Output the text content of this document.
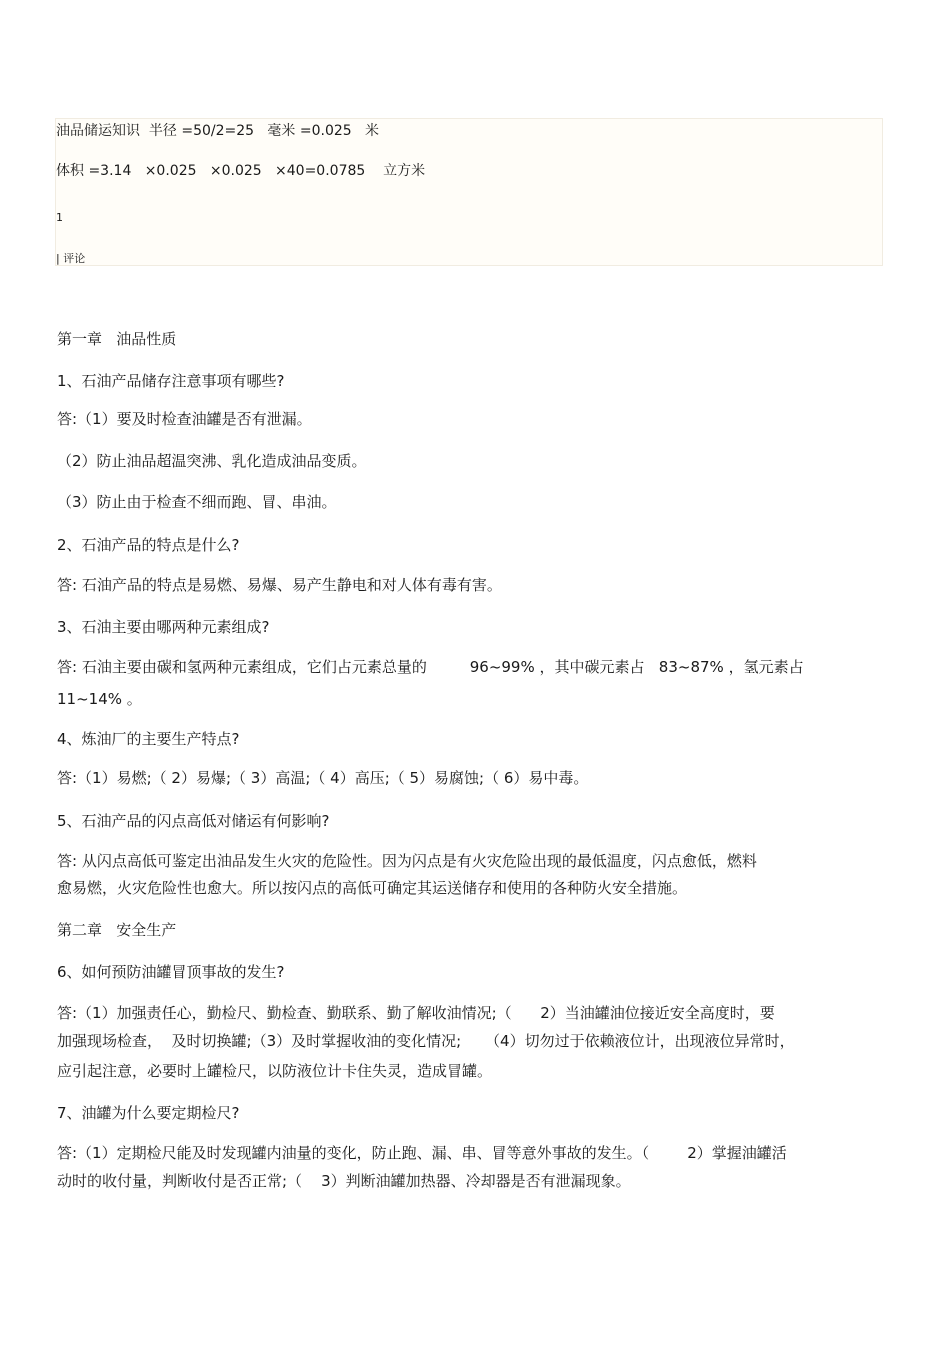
油品储运知识  半径 =50/2=25   毫米 =0.025   米
体积 =3.14   ×0.025   ×0.025   ×40=0.0785    立方米
1
| 评论
第一章   油品性质
1、石油产品储存注意事项有哪些?
答:（1）要及时检查油罐是否有泄漏。
（2）防止油品超温突沸、乳化造成油品变质。
（3）防止由于检查不细而跑、冒、串油。
2、石油产品的特点是什么?
答: 石油产品的特点是易燃、易爆、易产生静电和对人体有毒有害。
3、石油主要由哪两种元素组成?
答: 石油主要由碳和氢两种元素组成，它们占元素总量的         96~99% ，其中碳元素占   83~87% ，氢元素占
11~14% 。
4、炼油厂的主要生产特点?
答:（1）易燃;（ 2）易爆;（ 3）高温;（ 4）高压;（ 5）易腐蚀;（ 6）易中毒。
5、石油产品的闪点高低对储运有何影响?
答: 从闪点高低可鉴定出油品发生火灾的危险性。因为闪点是有火灾危险出现的最低温度，闪点愈低，燃料
愈易燃，火灾危险性也愈大。所以按闪点的高低可确定其运送储存和使用的各种防火安全措施。
第二章   安全生产
6、如何预防油罐冒顶事故的发生?
答:（1）加强责任心，勤检尺、勤检查、勤联系、勤了解收油情况;（      2）当油罐油位接近安全高度时，要
加强现场检查，  及时切换罐;（3）及时掌握收油的变化情况;     （4）切勿过于依赖液位计，出现液位异常时，
应引起注意，必要时上罐检尺，以防液位计卡住失灵，造成冒罐。
7、油罐为什么要定期检尺?
答:（1）定期检尺能及时发现罐内油量的变化，防止跑、漏、串、冒等意外事故的发生。（        2）掌握油罐活
动时的收付量，判断收付是否正常;（    3）判断油罐加热器、冷却器是否有泄漏现象。
